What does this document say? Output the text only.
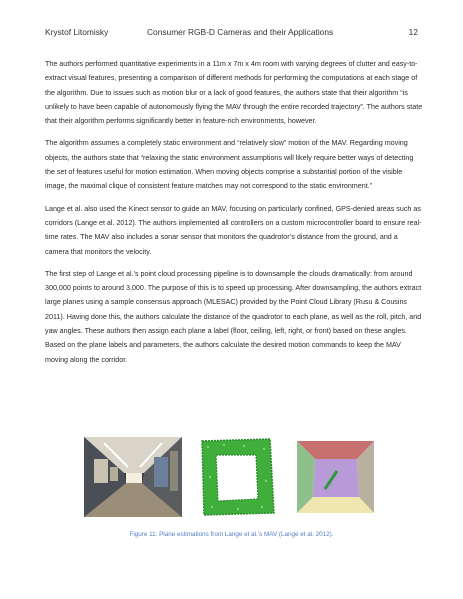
Krystof Litomisky	Consumer RGB-D Cameras and their Applications	12

The authors performed quantitative experiments in a 11m x 7m x 4m room with varying degrees of clutter and easy-to-extract visual features, presenting a comparison of different methods for performing the computations at each stage of the algorithm. Due to issues such as motion blur or a lack of good features, the authors state that their algorithm “is unlikely to have been capable of autonomously flying the MAV through the entire recorded trajectory”. The authors state that their algorithm performs significantly better in feature-rich environments, however.

The algorithm assumes a completely static environment and “relatively slow” motion of the MAV. Regarding moving objects, the authors state that “relaxing the static environment assumptions will likely require better ways of detecting the set of features useful for motion estimation. When moving objects comprise a substantial portion of the visible image, the maximal clique of consistent feature matches may not correspond to the static environment.”

Lange et al. also used the Kinect sensor to guide an MAV, focusing on particularly confined, GPS-denied areas such as corridors (Lange et al. 2012). The authors implemented all controllers on a custom microcontroller board to ensure real-time rates. The MAV also includes a sonar sensor that monitors the quadrotor’s distance from the ground, and a camera that monitors the velocity.

The first step of Lange et al.’s point cloud processing pipeline is to downsample the clouds dramatically: from around 300,000 points to around 3,000. The purpose of this is to speed up processing. After downsampling, the authors extract large planes using a sample consensus approach (MLESAC) provided by the Point Cloud Library (Rusu & Cousins 2011). Having done this, the authors calculate the distance of the quadrotor to each plane, as well as the roll, pitch, and yaw angles. These authors then assign each plane a label (floor, ceiling, left, right, or front) based on these angles. Based on the plane labels and parameters, the authors calculate the desired motion commands to keep the MAV moving along the corridor.

Figure 11: Plane estimations from Lange et al.’s MAV (Lange et al. 2012).
